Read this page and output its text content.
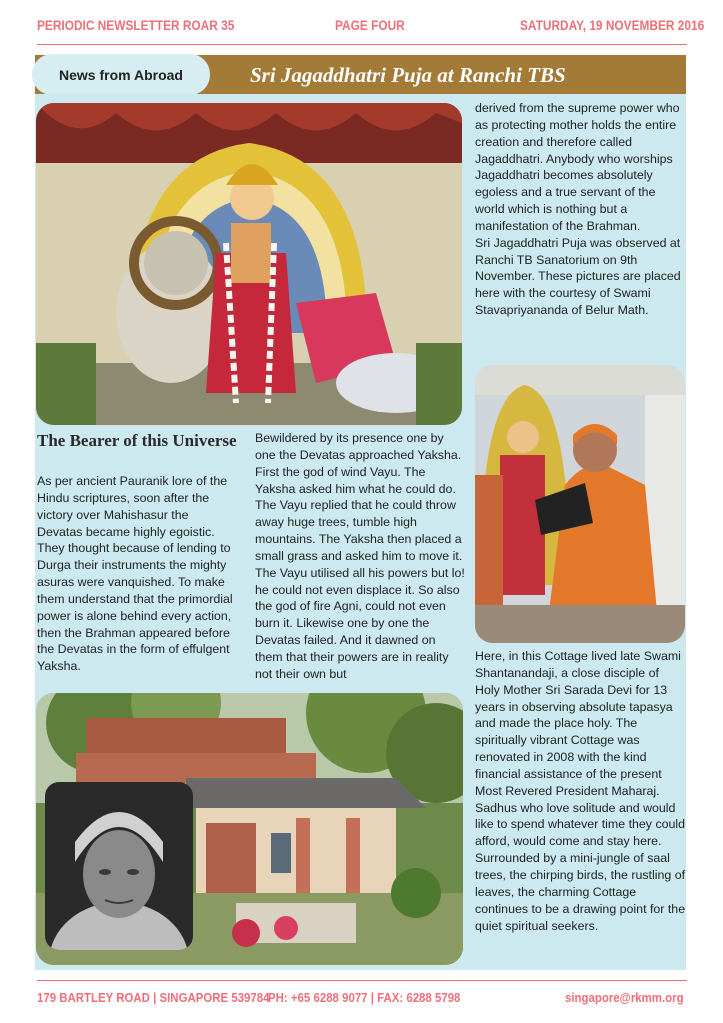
PERIODIC NEWSLETTER ROAR 35	PAGE FOUR	SATURDAY, 19 NOVEMBER 2016
News from Abroad	Sri Jagaddhatri Puja at Ranchi TBS
The Bearer of this Universe

As per ancient Pauranik lore of the Hindu scriptures, soon after the victory over Mahishasur the Devatas became highly egoistic. They thought because of lending to Durga their instruments the mighty asuras were vanquished. To make them understand that the primordial power is alone behind every action, then the Brahman appeared before the Devatas in the form of effulgent Yaksha.

Bewildered by its presence one by one the Devatas approached Yaksha. First the god of wind Vayu. The Yaksha asked him what he could do. The Vayu replied that he could throw away huge trees, tumble high mountains. The Yaksha then placed a small grass and asked him to move it. The Vayu utilised all his powers but lo! he could not even displace it. So also the god of fire Agni, could not even burn it. Likewise one by one the Devatas failed. And it dawned on them that their powers are in reality not their own but

derived from the supreme power who as protecting mother holds the entire creation and therefore called Jagaddhatri. Anybody who worships Jagaddhatri becomes absolutely egoless and a true servant of the world which is nothing but a manifestation of the Brahman.

Sri Jagaddhatri Puja was observed at Ranchi TB Sanatorium on 9th November. These pictures are placed here with the courtesy of Swami Stavapriyananda of Belur Math.

Here, in this Cottage lived late Swami Shantanandaji, a close disciple of Holy Mother Sri Sarada Devi for 13 years in observing absolute tapasya and made the place holy. The spiritually vibrant Cottage was renovated in 2008 with the kind financial assistance of the present Most Revered President Maharaj. Sadhus who love solitude and would like to spend whatever time they could afford, would come and stay here. Surrounded by a mini-jungle of saal trees, the chirping birds, the rustling of leaves, the charming Cottage continues to be a drawing point for the quiet spiritual seekers.

179 BARTLEY ROAD | SINGAPORE 539784
PH: +65 6288 9077 | FAX: 6288 5798	singapore@rkmm.org
